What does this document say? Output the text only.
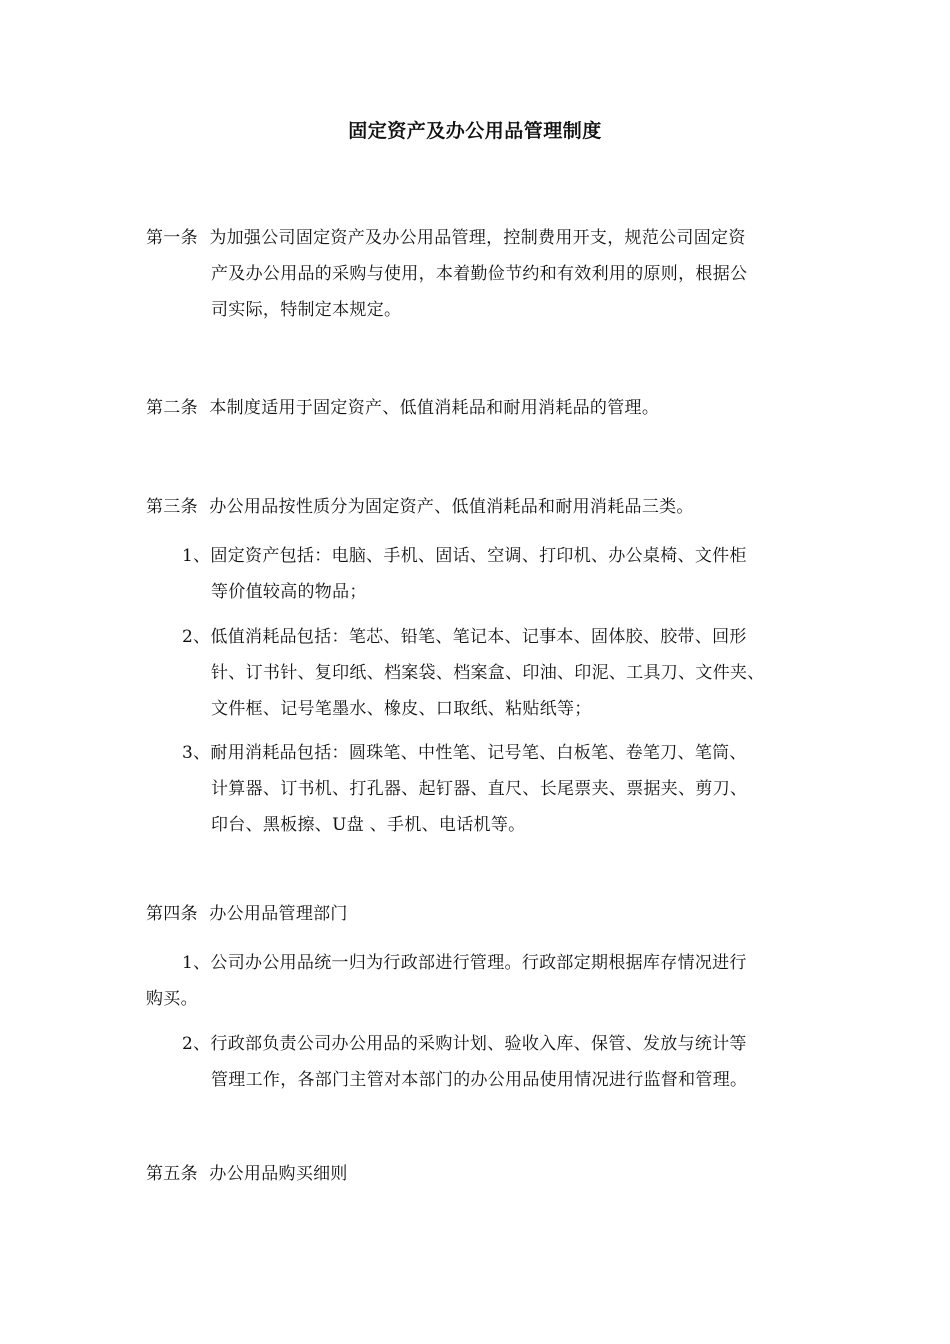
固定资产及办公用品管理制度
第一条 为加强公司固定资产及办公用品管理，控制费用开支，规范公司固定资
产及办公用品的采购与使用，本着勤俭节约和有效利用的原则，根据公
司实际，特制定本规定。
第二条 本制度适用于固定资产、低值消耗品和耐用消耗品的管理。
第三条 办公用品按性质分为固定资产、低值消耗品和耐用消耗品三类。
1、固定资产包括：电脑、手机、固话、空调、打印机、办公桌椅、文件柜
等价值较高的物品；
2、低值消耗品包括：笔芯、铅笔、笔记本、记事本、固体胶、胶带、回形
针、订书针、复印纸、档案袋、档案盒、印油、印泥、工具刀、文件夹、
文件框、记号笔墨水、橡皮、口取纸、粘贴纸等；
3、耐用消耗品包括：圆珠笔、中性笔、记号笔、白板笔、卷笔刀、笔筒、
计算器、订书机、打孔器、起钉器、直尺、长尾票夹、票据夹、剪刀、
印台、黑板擦、U盘 、手机、电话机等。
第四条 办公用品管理部门
1、公司办公用品统一归为行政部进行管理。行政部定期根据库存情况进行
购买。
2、行政部负责公司办公用品的采购计划、验收入库、保管、发放与统计等
管理工作，各部门主管对本部门的办公用品使用情况进行监督和管理。
第五条 办公用品购买细则
